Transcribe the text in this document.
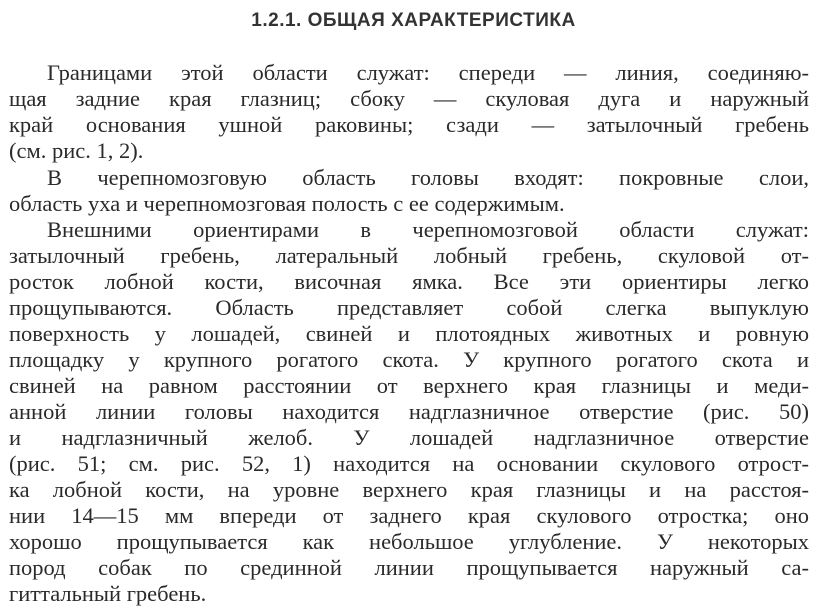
1.2.1. ОБЩАЯ ХАРАКТЕРИСТИКА
Границами этой области служат: спереди — линия, соединяю-
щая задние края глазниц; сбоку — скуловая дуга и наружный
край основания ушной раковины; сзади — затылочный гребень
(см. рис. 1, 2).
В черепномозговую область головы входят: покровные слои,
область уха и черепномозговая полость с ее содержимым.
Внешними ориентирами в черепномозговой области служат:
затылочный гребень, латеральный лобный гребень, скуловой от-
росток лобной кости, височная ямка. Все эти ориентиры легко
прощупываются. Область представляет собой слегка выпуклую
поверхность у лошадей, свиней и плотоядных животных и ровную
площадку у крупного рогатого скота. У крупного рогатого скота и
свиней на равном расстоянии от верхнего края глазницы и меди-
анной линии головы находится надглазничное отверстие (рис. 50)
и надглазничный желоб. У лошадей надглазничное отверстие
(рис. 51; см. рис. 52, 1) находится на основании скулового отрост-
ка лобной кости, на уровне верхнего края глазницы и на расстоя-
нии 14—15 мм впереди от заднего края скулового отростка; оно
хорошо прощупывается как небольшое углубление. У некоторых
пород собак по срединной линии прощупывается наружный са-
гиттальный гребень.
